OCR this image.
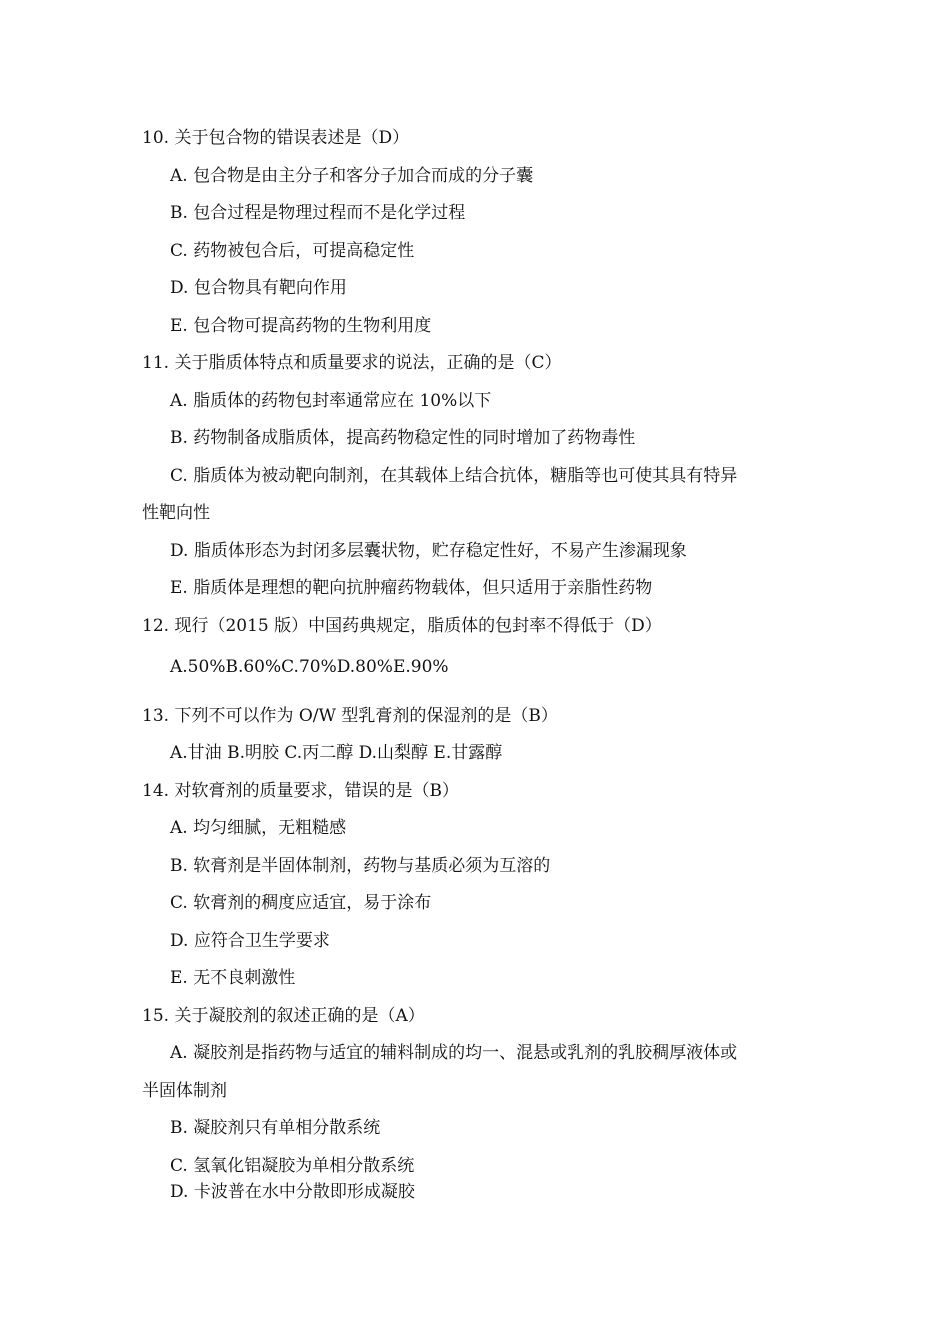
10. 关于包合物的错误表述是（D）
A. 包合物是由主分子和客分子加合而成的分子囊
B. 包合过程是物理过程而不是化学过程
C. 药物被包合后，可提高稳定性
D. 包合物具有靶向作用
E. 包合物可提高药物的生物利用度
11. 关于脂质体特点和质量要求的说法，正确的是（C）
A. 脂质体的药物包封率通常应在 10%以下
B. 药物制备成脂质体，提高药物稳定性的同时增加了药物毒性
C. 脂质体为被动靶向制剂，在其载体上结合抗体，糖脂等也可使其具有特异
性靶向性
D. 脂质体形态为封闭多层囊状物，贮存稳定性好，不易产生渗漏现象
E. 脂质体是理想的靶向抗肿瘤药物载体，但只适用于亲脂性药物
12. 现行（2015 版）中国药典规定，脂质体的包封率不得低于（D）
A.50%B.60%C.70%D.80%E.90%
13. 下列不可以作为 O/W 型乳膏剂的保湿剂的是（B）
A.甘油 B.明胶 C.丙二醇 D.山梨醇 E.甘露醇
14. 对软膏剂的质量要求，错误的是（B）
A. 均匀细腻，无粗糙感
B. 软膏剂是半固体制剂，药物与基质必须为互溶的
C. 软膏剂的稠度应适宜，易于涂布
D. 应符合卫生学要求
E. 无不良刺激性
15. 关于凝胶剂的叙述正确的是（A）
A. 凝胶剂是指药物与适宜的辅料制成的均一、混悬或乳剂的乳胶稠厚液体或
半固体制剂
B. 凝胶剂只有单相分散系统
C. 氢氧化铝凝胶为单相分散系统
D. 卡波普在水中分散即形成凝胶
